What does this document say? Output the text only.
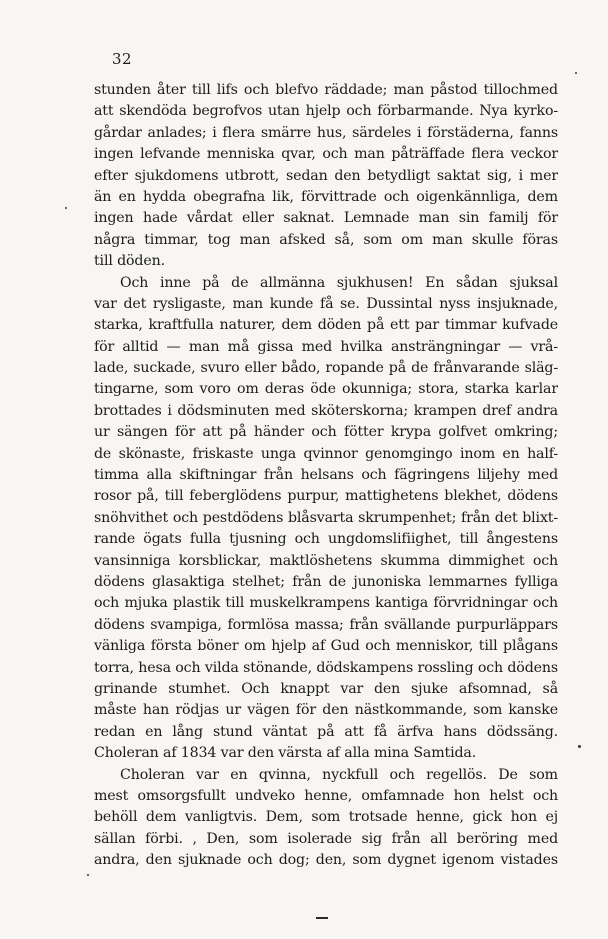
32
stunden åter till lifs och blefvo räddade; man påstod tillochmed
att skendöda begrofvos utan hjelp och förbarmande. Nya kyrko-
gårdar anlades; i flera smärre hus, särdeles i förstäderna, fanns
ingen lefvande menniska qvar, och man påträffade flera veckor
efter sjukdomens utbrott, sedan den betydligt saktat sig, i mer
än en hydda obegrafna lik, förvittrade och oigenkännliga, dem
ingen hade vårdat eller saknat. Lemnade man sin familj för
några timmar, tog man afsked så, som om man skulle föras
till döden.
Och inne på de allmänna sjukhusen! En sådan sjuksal
var det rysligaste, man kunde få se. Dussintal nyss insjuknade,
starka, kraftfulla naturer, dem döden på ett par timmar kufvade
för alltid — man må gissa med hvilka ansträngningar — vrå-
lade, suckade, svuro eller bådo, ropande på de frånvarande släg-
tingarne, som voro om deras öde okunniga; stora, starka karlar
brottades i dödsminuten med sköterskorna; krampen dref andra
ur sängen för att på händer och fötter krypa golfvet omkring;
de skönaste, friskaste unga qvinnor genomgingo inom en half-
timma alla skiftningar från helsans och fägringens liljehy med
rosor på, till feberglödens purpur, mattighetens blekhet, dödens
snöhvithet och pestdödens blåsvarta skrumpenhet; från det blixt-
rande ögats fulla tjusning och ungdomslifiighet, till ångestens
vansinniga korsblickar, maktlöshetens skumma dimmighet och
dödens glasaktiga stelhet; från de junoniska lemmarnes fylliga
och mjuka plastik till muskelkrampens kantiga förvridningar och
dödens svampiga, formlösa massa; från svällande purpurläppars
vänliga första böner om hjelp af Gud och menniskor, till plågans
torra, hesa och vilda stönande, dödskampens rossling och dödens
grinande stumhet. Och knappt var den sjuke afsomnad, så
måste han rödjas ur vägen för den nästkommande, som kanske
redan en lång stund väntat på att få ärfva hans dödssäng.
Choleran af 1834 var den värsta af alla mina Samtida.
Choleran var en qvinna, nyckfull och regellös. De som
mest omsorgsfullt undveko henne, omfamnade hon helst och
behöll dem vanligtvis. Dem, som trotsade henne, gick hon ej
sällan förbi. , Den, som isolerade sig från all beröring med
andra, den sjuknade och dog; den, som dygnet igenom vistades
